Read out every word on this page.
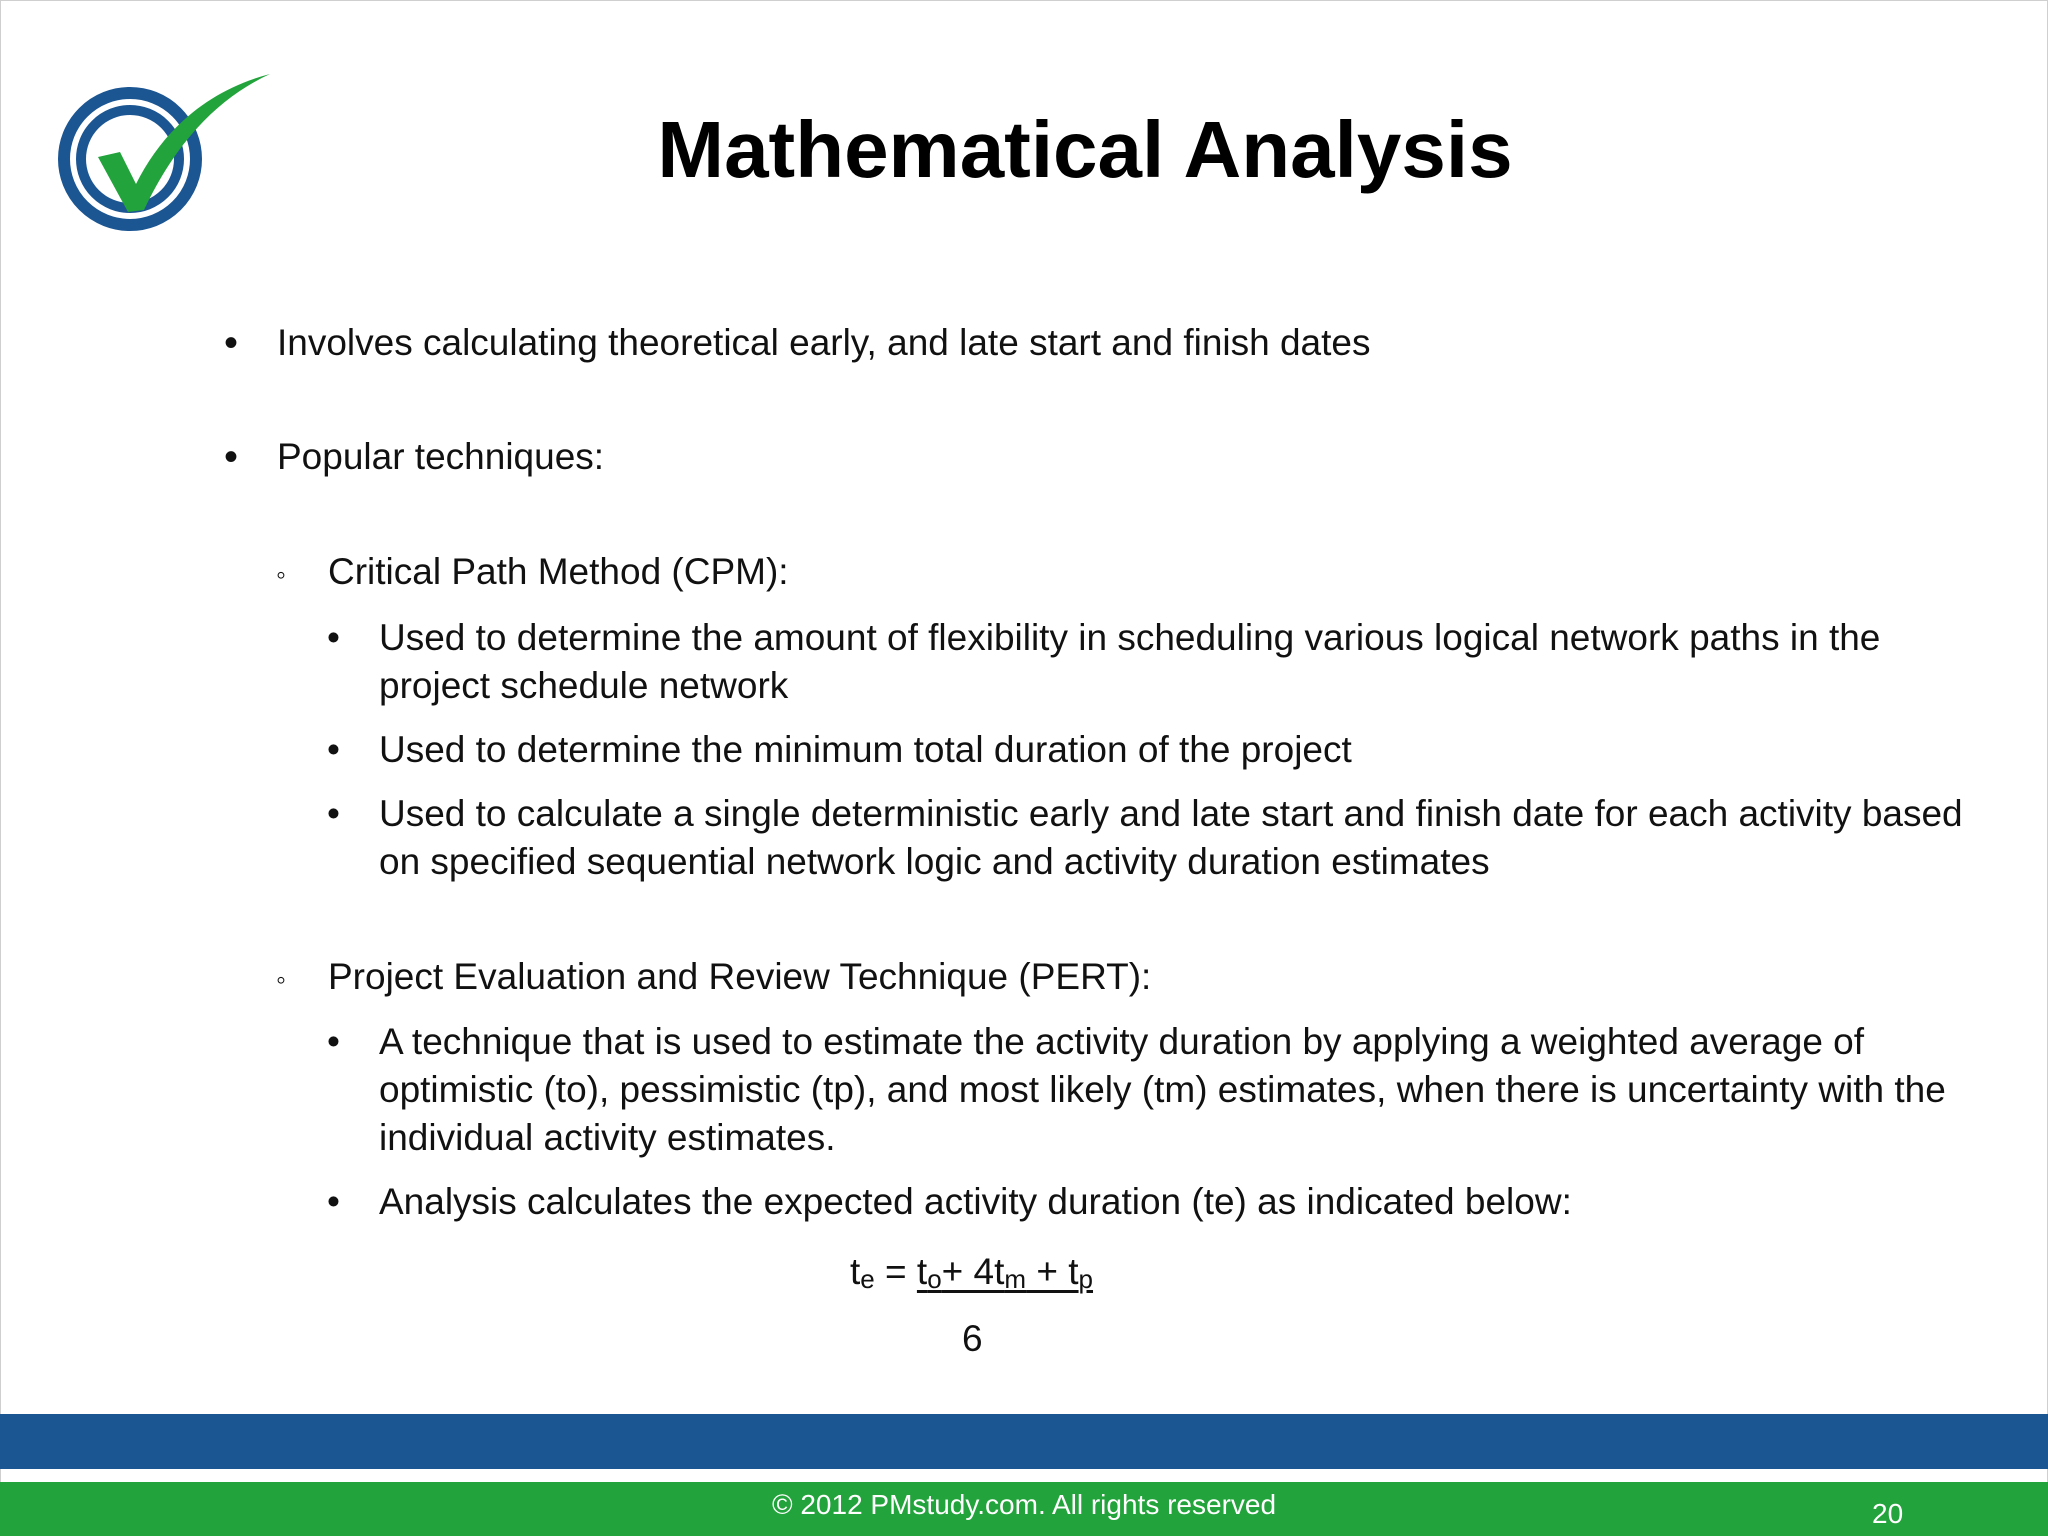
Mathematical Analysis
• Involves calculating theoretical early, and late start and finish dates
• Popular techniques:
◦ Critical Path Method (CPM):
• Used to determine the amount of flexibility in scheduling various logical network paths in the project schedule network
• Used to determine the minimum total duration of the project
• Used to calculate a single deterministic early and late start and finish date for each activity based on specified sequential network logic and activity duration estimates
◦ Project Evaluation and Review Technique (PERT):
• A technique that is used to estimate the activity duration by applying a weighted average of optimistic (to), pessimistic (tp), and most likely (tm) estimates, when there is uncertainty with the individual activity estimates.
• Analysis calculates the expected activity duration (te) as indicated below:
$t_e = t_o+ 4t_m + t_p$
6
© 2012 PMstudy.com. All rights reserved	20
